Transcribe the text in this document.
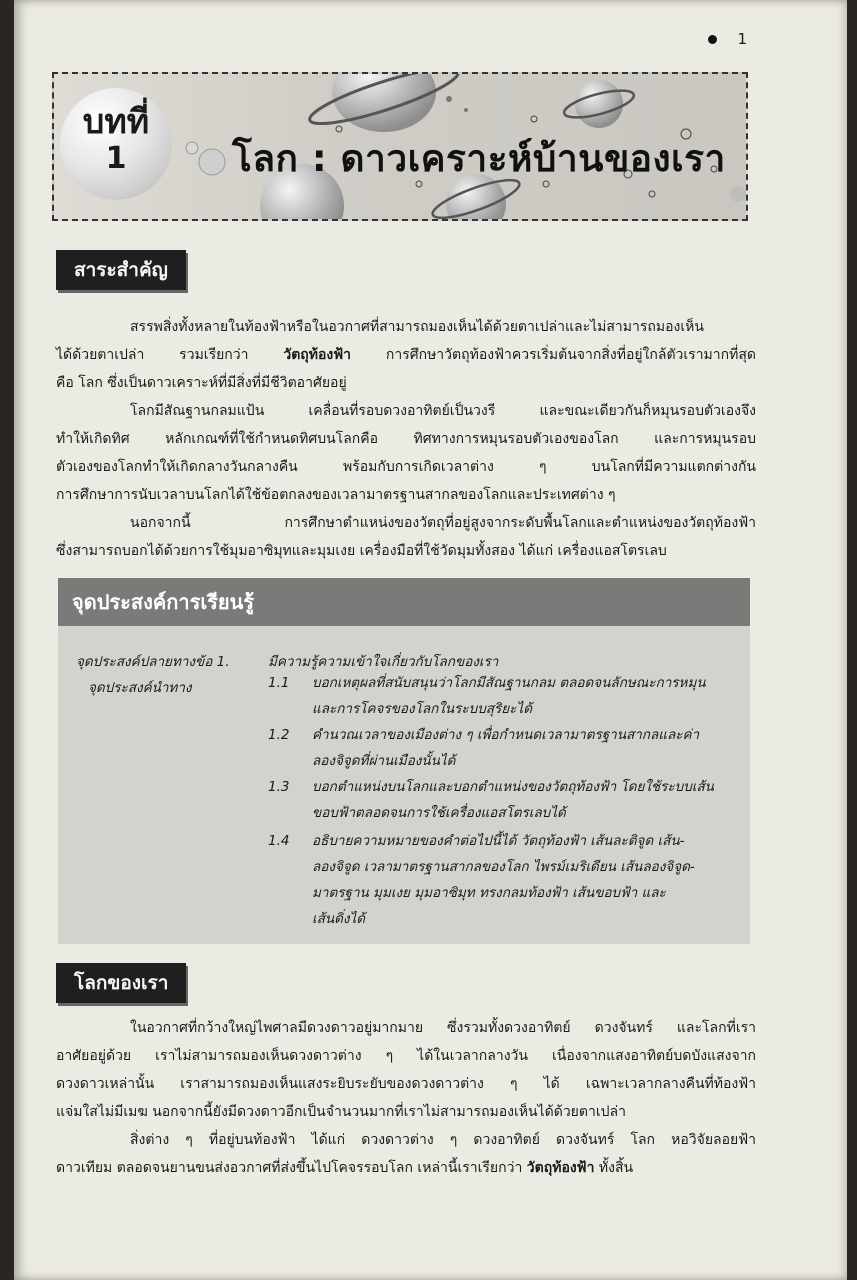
1
บทที่
1	โลก : ดาวเคราะห์บ้านของเรา
สาระสำคัญ

สรรพสิ่งทั้งหลายในท้องฟ้าหรือในอวกาศที่สามารถมองเห็นได้ด้วยตาเปล่าและไม่สามารถมองเห็น

ได้ด้วยตาเปล่า รวมเรียกว่า วัตถุท้องฟ้า การศึกษาวัตถุท้องฟ้าควรเริ่มต้นจากสิ่งที่อยู่ใกล้ตัวเรามากที่สุด

คือ โลก ซึ่งเป็นดาวเคราะห์ที่มีสิ่งที่มีชีวิตอาศัยอยู่

โลกมีสัณฐานกลมแป้น เคลื่อนที่รอบดวงอาทิตย์เป็นวงรี และขณะเดียวกันก็หมุนรอบตัวเองจึง

ทำให้เกิดทิศ หลักเกณฑ์ที่ใช้กำหนดทิศบนโลกคือ ทิศทางการหมุนรอบตัวเองของโลก และการหมุนรอบ

ตัวเองของโลกทำให้เกิดกลางวันกลางคืน พร้อมกับการเกิดเวลาต่าง ๆ บนโลกที่มีความแตกต่างกัน

การศึกษาการนับเวลาบนโลกได้ใช้ข้อตกลงของเวลามาตรฐานสากลของโลกและประเทศต่าง ๆ

นอกจากนี้ การศึกษาตำแหน่งของวัตถุที่อยู่สูงจากระดับพื้นโลกและตำแหน่งของวัตถุท้องฟ้า

ซึ่งสามารถบอกได้ด้วยการใช้มุมอาซิมุทและมุมเงย เครื่องมือที่ใช้วัดมุมทั้งสอง ได้แก่ เครื่องแอสโตรเลบ

จุดประสงค์การเรียนรู้
จุดประสงค์ปลายทางข้อ 1.	มีความรู้ความเข้าใจเกี่ยวกับโลกของเรา
จุดประสงค์นำทาง	1.1 บอกเหตุผลที่สนับสนุนว่าโลกมีสัณฐานกลม ตลอดจนลักษณะการหมุน
และการโคจรของโลกในระบบสุริยะได้
1.2 คำนวณเวลาของเมืองต่าง ๆ เพื่อกำหนดเวลามาตรฐานสากลและค่า
ลองจิจูดที่ผ่านเมืองนั้นได้
1.3 บอกตำแหน่งบนโลกและบอกตำแหน่งของวัตถุท้องฟ้า โดยใช้ระบบเส้น
ขอบฟ้าตลอดจนการใช้เครื่องแอสโตรเลบได้
1.4 อธิบายความหมายของคำต่อไปนี้ได้ วัตถุท้องฟ้า เส้นละติจูด เส้น-
ลองจิจูด เวลามาตรฐานสากลของโลก ไพรม์เมริเดียน เส้นลองจิจูด-
มาตรฐาน มุมเงย มุมอาซิมุท ทรงกลมท้องฟ้า เส้นขอบฟ้า และ
เส้นดิ่งได้
โลกของเรา

ในอวกาศที่กว้างใหญ่ไพศาลมีดวงดาวอยู่มากมาย ซึ่งรวมทั้งดวงอาทิตย์ ดวงจันทร์ และโลกที่เรา

อาศัยอยู่ด้วย เราไม่สามารถมองเห็นดวงดาวต่าง ๆ ได้ในเวลากลางวัน เนื่องจากแสงอาทิตย์บดบังแสงจาก

ดวงดาวเหล่านั้น เราสามารถมองเห็นแสงระยิบระยับของดวงดาวต่าง ๆ ได้ เฉพาะเวลากลางคืนที่ท้องฟ้า

แจ่มใสไม่มีเมฆ นอกจากนี้ยังมีดวงดาวอีกเป็นจำนวนมากที่เราไม่สามารถมองเห็นได้ด้วยตาเปล่า

สิ่งต่าง ๆ ที่อยู่บนท้องฟ้า ได้แก่ ดวงดาวต่าง ๆ ดวงอาทิตย์ ดวงจันทร์ โลก หอวิจัยลอยฟ้า

ดาวเทียม ตลอดจนยานขนส่งอวกาศที่ส่งขึ้นไปโคจรรอบโลก เหล่านี้เราเรียกว่า วัตถุท้องฟ้า ทั้งสิ้น
